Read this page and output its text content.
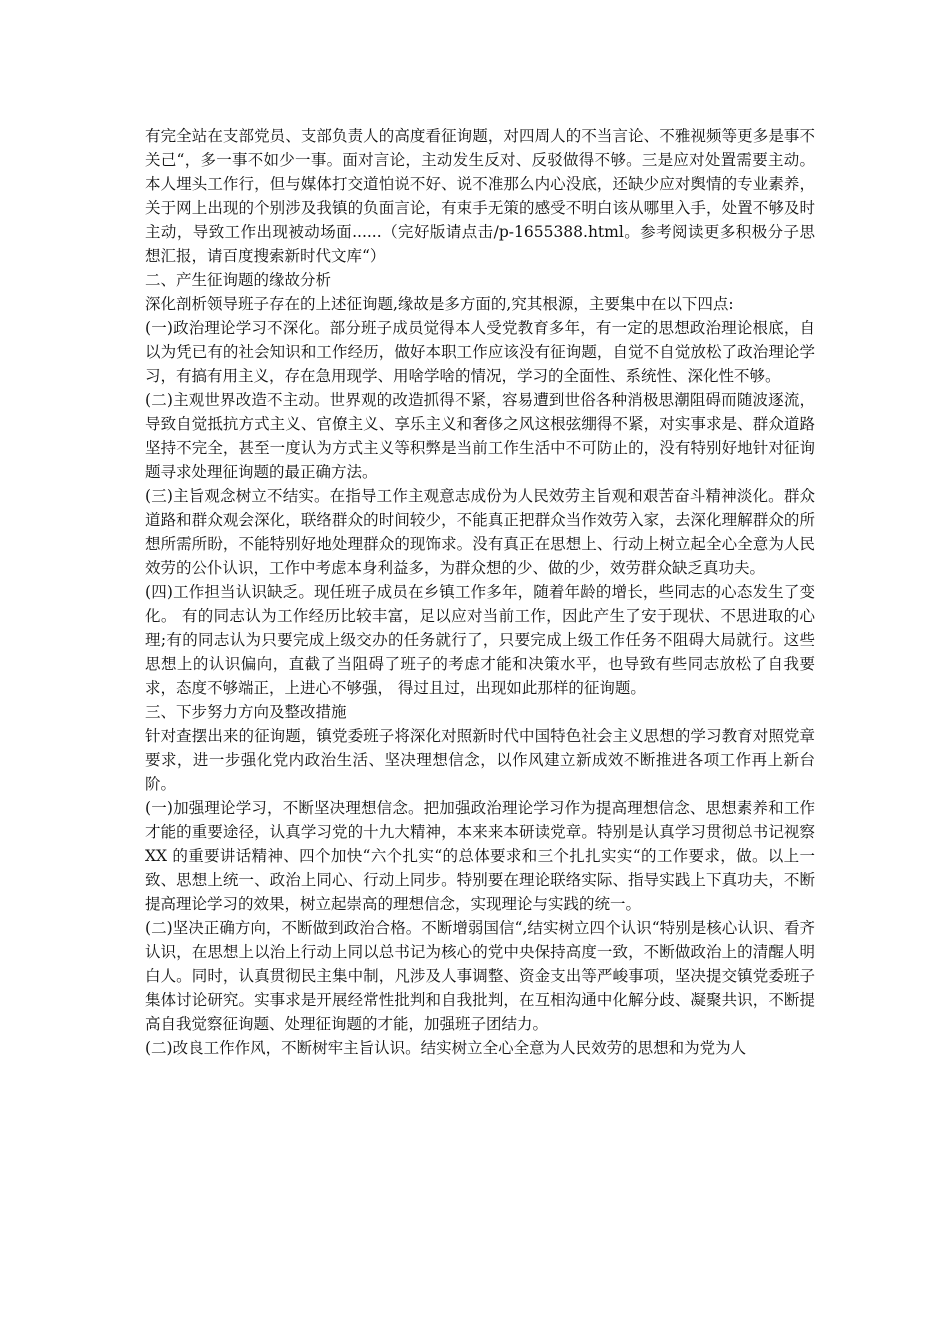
有完全站在支部党员、支部负责人的高度看征询题，对四周人的不当言论、不雅视频等更多是事不关己“，多一事不如少一事。面对言论，主动发生反对、反驳做得不够。三是应对处置需要主动。本人埋头工作行，但与媒体打交道怕说不好、说不准那么内心没底，还缺少应对舆情的专业素养，关于网上出现的个别涉及我镇的负面言论，有束手无策的感受不明白该从哪里入手，处置不够及时主动，导致工作出现被动场面......（完好版请点击/p-1655388.html。参考阅读更多积极分子思想汇报，请百度搜索新时代文库“）

二、产生征询题的缘故分析

深化剖析领导班子存在的上述征询题,缘故是多方面的,究其根源，主要集中在以下四点:

(一)政治理论学习不深化。部分班子成员觉得本人受党教育多年，有一定的思想政治理论根底，自以为凭已有的社会知识和工作经历，做好本职工作应该没有征询题，自觉不自觉放松了政治理论学习，有搞有用主义，存在急用现学、用啥学啥的情况，学习的全面性、系统性、深化性不够。

(二)主观世界改造不主动。世界观的改造抓得不紧，容易遭到世俗各种消极思潮阻碍而随波逐流，导致自觉抵抗方式主义、官僚主义、享乐主义和奢侈之风这根弦绷得不紧，对实事求是、群众道路坚持不完全，甚至一度认为方式主义等积弊是当前工作生活中不可防止的，没有特别好地针对征询题寻求处理征询题的最正确方法。

(三)主旨观念树立不结实。在指导工作主观意志成份为人民效劳主旨观和艰苦奋斗精神淡化。群众道路和群众观会深化，联络群众的时间较少，不能真正把群众当作效劳入家，去深化理解群众的所想所需所盼，不能特别好地处理群众的现饰求。没有真正在思想上、行动上树立起全心全意为人民效劳的公仆认识，工作中考虑本身利益多，为群众想的少、做的少，效劳群众缺乏真功夫。

(四)工作担当认识缺乏。现任班子成员在乡镇工作多年，随着年龄的增长，些同志的心态发生了变化。 有的同志认为工作经历比较丰富，足以应对当前工作，因此产生了安于现状、不思进取的心理;有的同志认为只要完成上级交办的任务就行了，只要完成上级工作任务不阻碍大局就行。这些思想上的认识偏向，直截了当阻碍了班子的考虑才能和决策水平，也导致有些同志放松了自我要求，态度不够端正，上进心不够强， 得过且过，出现如此那样的征询题。

三、下步努力方向及整改措施

针对查摆出来的征询题，镇党委班子将深化对照新时代中国特色社会主义思想的学习教育对照党章要求，进一步强化党内政治生活、坚决理想信念，以作风建立新成效不断推进各项工作再上新台阶。

(一)加强理论学习，不断坚决理想信念。把加强政治理论学习作为提高理想信念、思想素养和工作才能的重要途径，认真学习党的十九大精神，本来来本研读党章。特别是认真学习贯彻总书记视察 XX 的重要讲话精神、四个加快“六个扎实“的总体要求和三个扎扎实实“的工作要求，做。以上一致、思想上统一、政治上同心、行动上同步。特别要在理论联络实际、指导实践上下真功夫，不断提高理论学习的效果，树立起崇高的理想信念，实现理论与实践的统一。

(二)坚决正确方向，不断做到政治合格。不断增弱国信“,结实树立四个认识“特别是核心认识、看齐认识，在思想上以治上行动上同以总书记为核心的党中央保持高度一致，不断做政治上的清醒人明白人。同时，认真贯彻民主集中制，凡涉及人事调整、资金支出等严峻事项，坚决提交镇党委班子集体讨论研究。实事求是开展经常性批判和自我批判，在互相沟通中化解分歧、凝聚共识，不断提高自我觉察征询题、处理征询题的才能，加强班子团结力。

(二)改良工作作风，不断树牢主旨认识。结实树立全心全意为人民效劳的思想和为党为人
